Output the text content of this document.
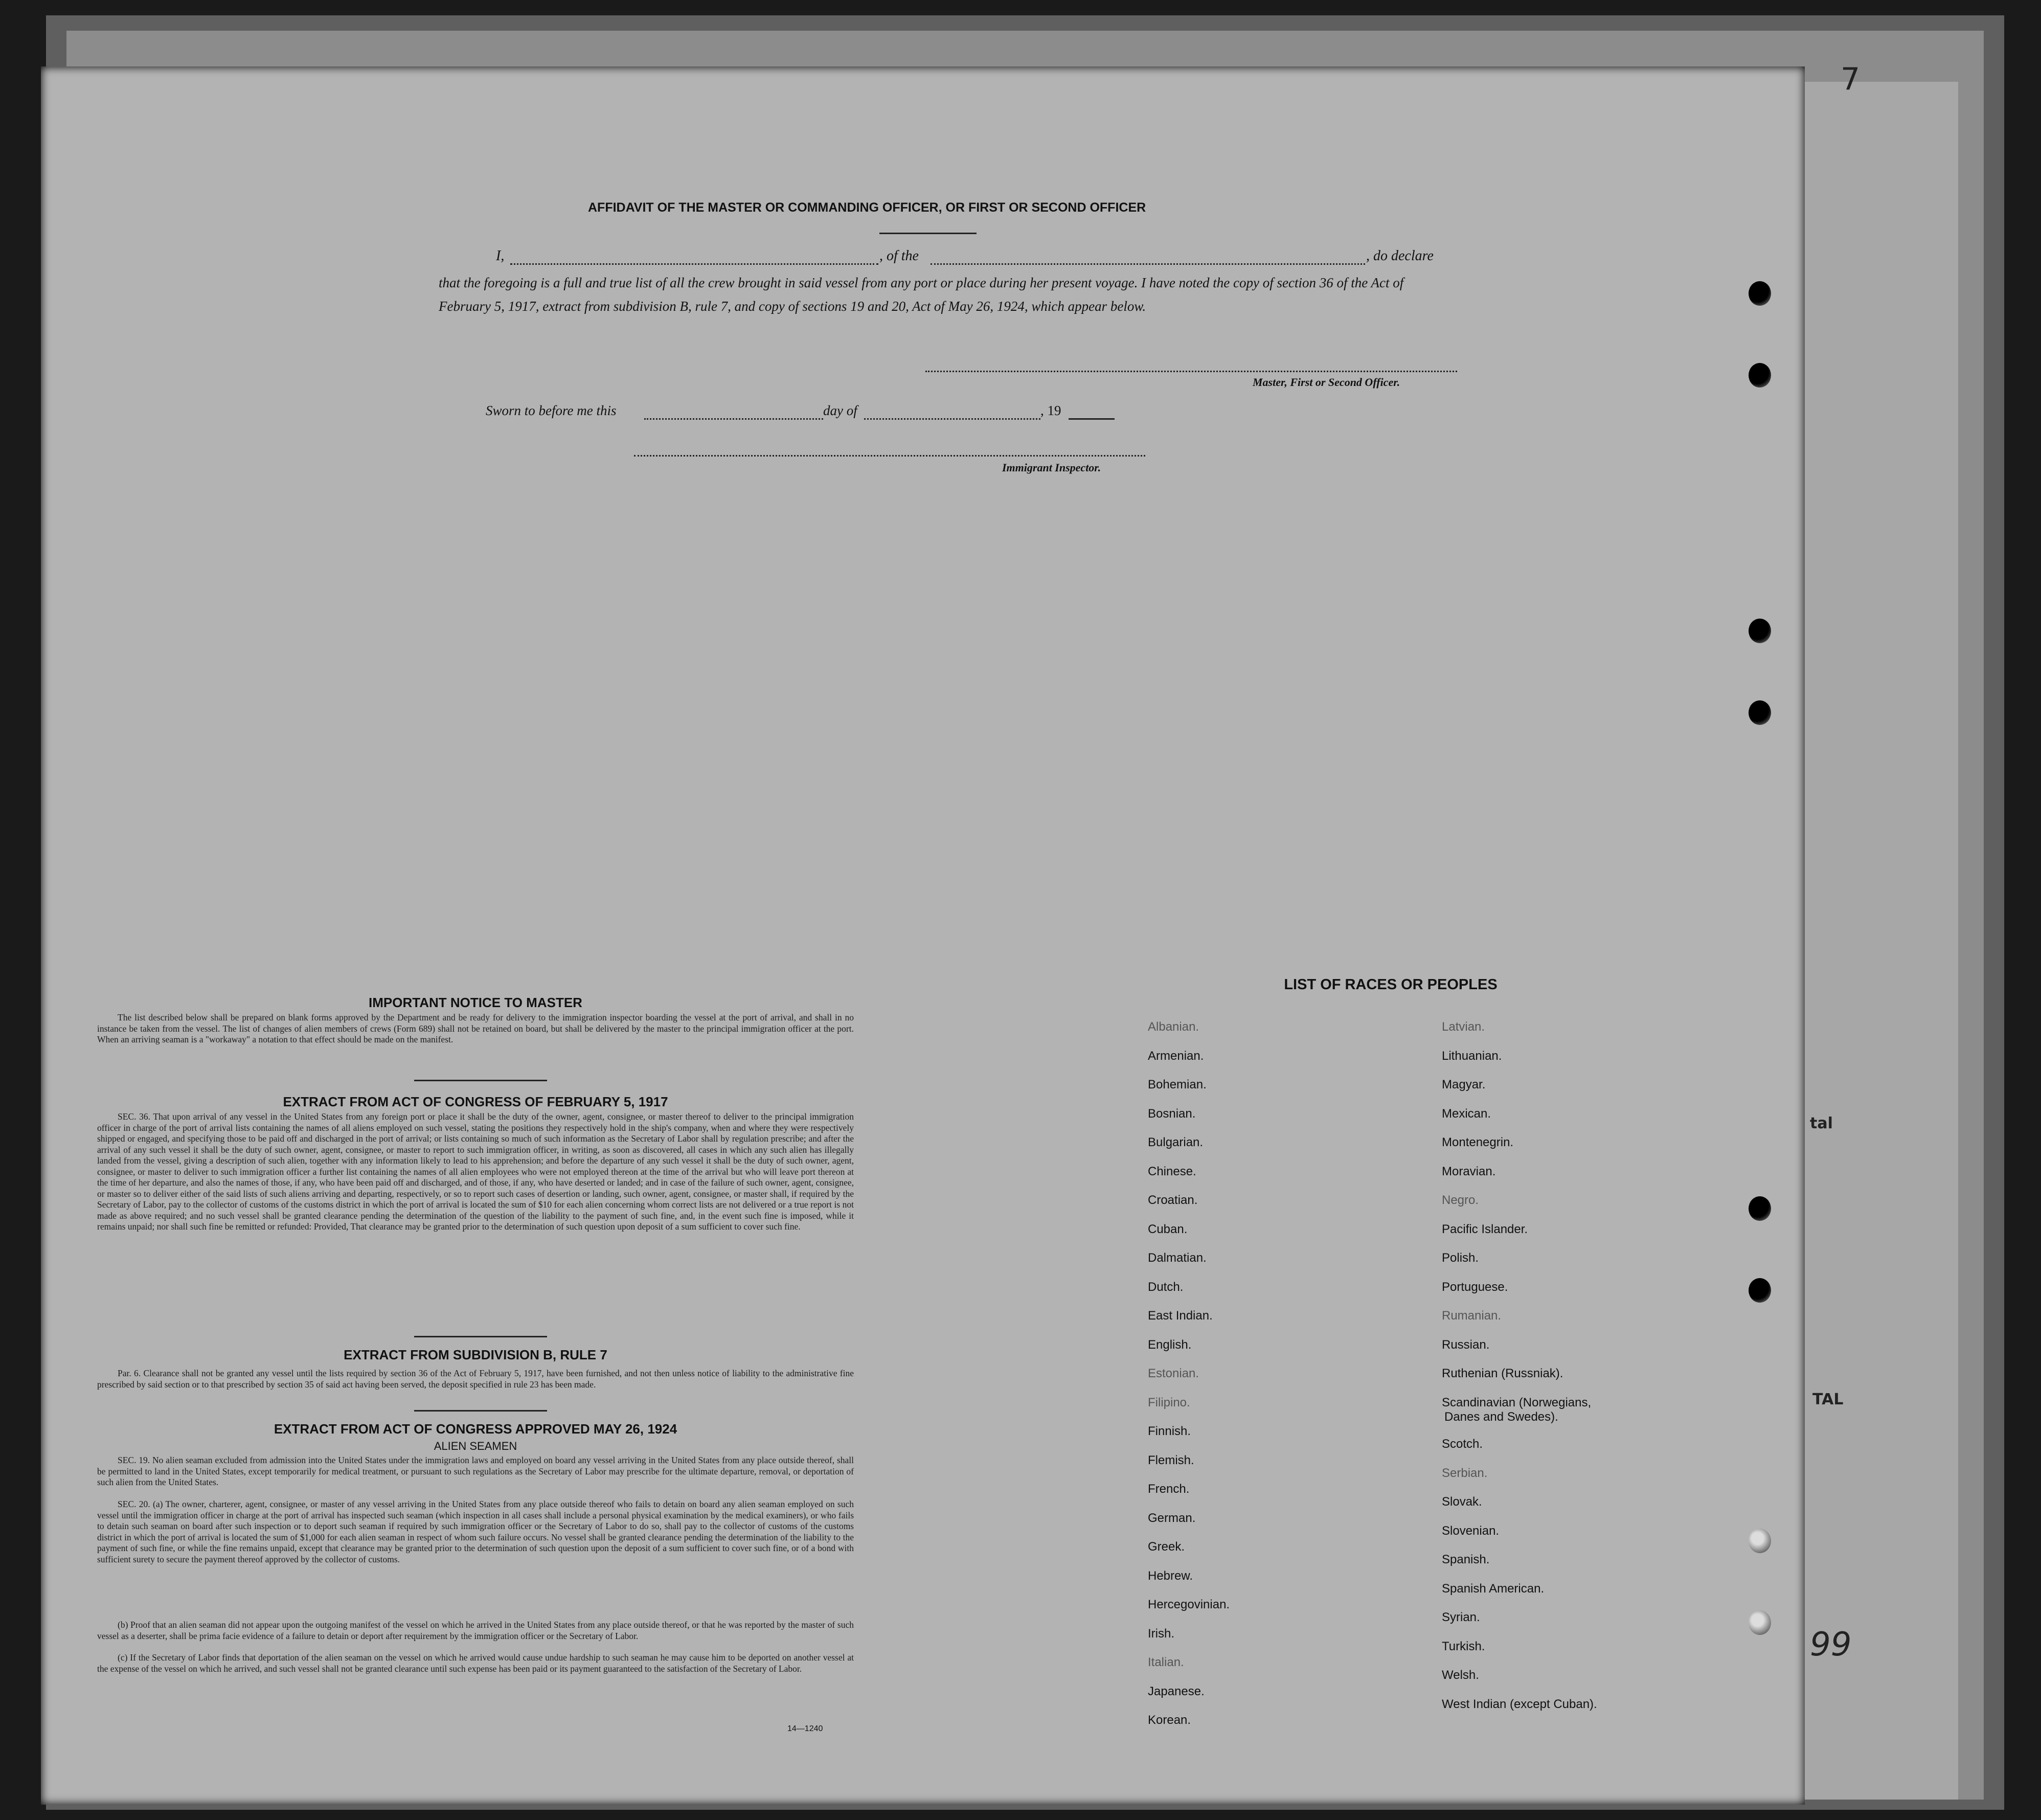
7
tal
TAL
99
AFFIDAVIT OF THE MASTER OR COMMANDING OFFICER, OR FIRST OR SECOND OFFICER
I,	, of the	, do declare
that the foregoing is a full and true list of all the crew brought in said vessel from any port or place during her present voyage. I have noted the copy of section 36 of the Act of February 5, 1917, extract from subdivision B, rule 7, and copy of sections 19 and 20, Act of May 26, 1924, which appear below.
Master, First or Second Officer.
Sworn to before me this	day of	, 19
Immigrant Inspector.
IMPORTANT NOTICE TO MASTER
The list described below shall be prepared on blank forms approved by the Department and be ready for delivery to the immigration inspector boarding the vessel at the port of arrival, and shall in no instance be taken from the vessel. The list of changes of alien members of crews (Form 689) shall not be retained on board, but shall be delivered by the master to the principal immigration officer at the port. When an arriving seaman is a "workaway" a notation to that effect should be made on the manifest.
EXTRACT FROM ACT OF CONGRESS OF FEBRUARY 5, 1917
SEC. 36. That upon arrival of any vessel in the United States from any foreign port or place it shall be the duty of the owner, agent, consignee, or master thereof to deliver to the principal immigration officer in charge of the port of arrival lists containing the names of all aliens employed on such vessel, stating the positions they respectively hold in the ship's company, when and where they were respectively shipped or engaged, and specifying those to be paid off and discharged in the port of arrival; or lists containing so much of such information as the Secretary of Labor shall by regulation prescribe; and after the arrival of any such vessel it shall be the duty of such owner, agent, consignee, or master to report to such immigration officer, in writing, as soon as discovered, all cases in which any such alien has illegally landed from the vessel, giving a description of such alien, together with any information likely to lead to his apprehension; and before the departure of any such vessel it shall be the duty of such owner, agent, consignee, or master to deliver to such immigration officer a further list containing the names of all alien employees who were not employed thereon at the time of the arrival but who will leave port thereon at the time of her departure, and also the names of those, if any, who have been paid off and discharged, and of those, if any, who have deserted or landed; and in case of the failure of such owner, agent, consignee, or master so to deliver either of the said lists of such aliens arriving and departing, respectively, or so to report such cases of desertion or landing, such owner, agent, consignee, or master shall, if required by the Secretary of Labor, pay to the collector of customs of the customs district in which the port of arrival is located the sum of $10 for each alien concerning whom correct lists are not delivered or a true report is not made as above required; and no such vessel shall be granted clearance pending the determination of the question of the liability to the payment of such fine, and, in the event such fine is imposed, while it remains unpaid; nor shall such fine be remitted or refunded: Provided, That clearance may be granted prior to the determination of such question upon deposit of a sum sufficient to cover such fine.
EXTRACT FROM SUBDIVISION B, RULE 7
Par. 6. Clearance shall not be granted any vessel until the lists required by section 36 of the Act of February 5, 1917, have been furnished, and not then unless notice of liability to the administrative fine prescribed by said section or to that prescribed by section 35 of said act having been served, the deposit specified in rule 23 has been made.
EXTRACT FROM ACT OF CONGRESS APPROVED MAY 26, 1924
ALIEN SEAMEN
SEC. 19. No alien seaman excluded from admission into the United States under the immigration laws and employed on board any vessel arriving in the United States from any place outside thereof, shall be permitted to land in the United States, except temporarily for medical treatment, or pursuant to such regulations as the Secretary of Labor may prescribe for the ultimate departure, removal, or deportation of such alien from the United States.
SEC. 20. (a) The owner, charterer, agent, consignee, or master of any vessel arriving in the United States from any place outside thereof who fails to detain on board any alien seaman employed on such vessel until the immigration officer in charge at the port of arrival has inspected such seaman (which inspection in all cases shall include a personal physical examination by the medical examiners), or who fails to detain such seaman on board after such inspection or to deport such seaman if required by such immigration officer or the Secretary of Labor to do so, shall pay to the collector of customs of the customs district in which the port of arrival is located the sum of $1,000 for each alien seaman in respect of whom such failure occurs. No vessel shall be granted clearance pending the determination of the liability to the payment of such fine, or while the fine remains unpaid, except that clearance may be granted prior to the determination of such question upon the deposit of a sum sufficient to cover such fine, or of a bond with sufficient surety to secure the payment thereof approved by the collector of customs.
(b) Proof that an alien seaman did not appear upon the outgoing manifest of the vessel on which he arrived in the United States from any place outside thereof, or that he was reported by the master of such vessel as a deserter, shall be prima facie evidence of a failure to detain or deport after requirement by the immigration officer or the Secretary of Labor.
(c) If the Secretary of Labor finds that deportation of the alien seaman on the vessel on which he arrived would cause undue hardship to such seaman he may cause him to be deported on another vessel at the expense of the vessel on which he arrived, and such vessel shall not be granted clearance until such expense has been paid or its payment guaranteed to the satisfaction of the Secretary of Labor.
14—1240
LIST OF RACES OR PEOPLES
Danes and Swedes).
Albanian.
Armenian.
Bohemian.
Bosnian.
Bulgarian.
Chinese.
Croatian.
Cuban.
Dalmatian.
Dutch.
East Indian.
English.
Estonian.
Filipino.
Finnish.
Flemish.
French.
German.
Greek.
Hebrew.
Hercegovinian.
Irish.
Italian.
Japanese.
Korean.
Latvian.
Lithuanian.
Magyar.
Mexican.
Montenegrin.
Moravian.
Negro.
Pacific Islander.
Polish.
Portuguese.
Rumanian.
Russian.
Ruthenian (Russniak).
Scandinavian (Norwegians,
Scotch.
Serbian.
Slovak.
Slovenian.
Spanish.
Spanish American.
Syrian.
Turkish.
Welsh.
West Indian (except Cuban).
